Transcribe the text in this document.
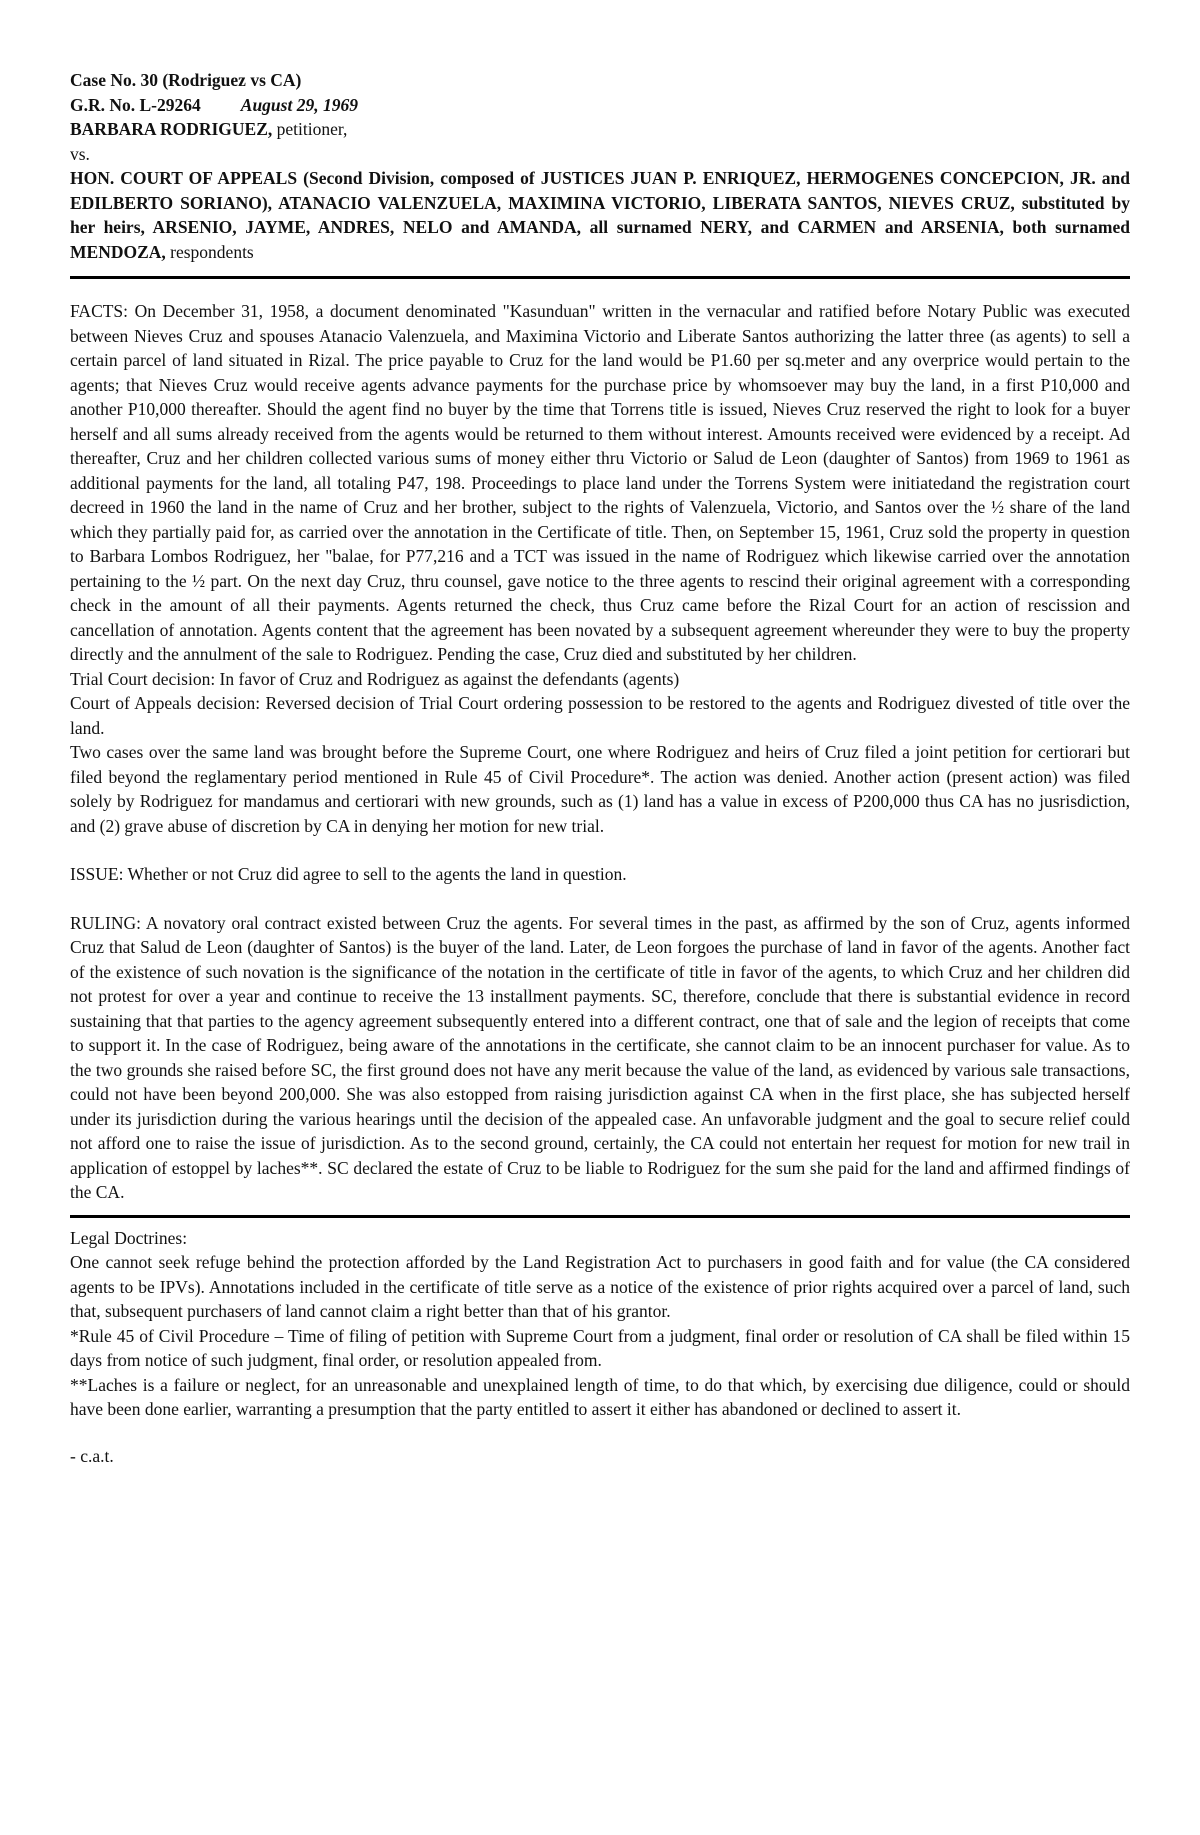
Case No. 30 (Rodriguez vs CA)
G.R. No. L-29264 August 29, 1969
BARBARA RODRIGUEZ, petitioner,
vs.
HON. COURT OF APPEALS (Second Division, composed of JUSTICES JUAN P. ENRIQUEZ, HERMOGENES CONCEPCION, JR. and EDILBERTO SORIANO), ATANACIO VALENZUELA, MAXIMINA VICTORIO, LIBERATA SANTOS, NIEVES CRUZ, substituted by her heirs, ARSENIO, JAYME, ANDRES, NELO and AMANDA, all surnamed NERY, and CARMEN and ARSENIA, both surnamed MENDOZA, respondents

FACTS: On December 31, 1958, a document denominated "Kasunduan" written in the vernacular and ratified before Notary Public was executed between Nieves Cruz and spouses Atanacio Valenzuela, and Maximina Victorio and Liberate Santos authorizing the latter three (as agents) to sell a certain parcel of land situated in Rizal. The price payable to Cruz for the land would be P1.60 per sq.meter and any overprice would pertain to the agents; that Nieves Cruz would receive agents advance payments for the purchase price by whomsoever may buy the land, in a first P10,000 and another P10,000 thereafter. Should the agent find no buyer by the time that Torrens title is issued, Nieves Cruz reserved the right to look for a buyer herself and all sums already received from the agents would be returned to them without interest. Amounts received were evidenced by a receipt. Ad thereafter, Cruz and her children collected various sums of money either thru Victorio or Salud de Leon (daughter of Santos) from 1969 to 1961 as additional payments for the land, all totaling P47, 198. Proceedings to place land under the Torrens System were initiatedand the registration court decreed in 1960 the land in the name of Cruz and her brother, subject to the rights of Valenzuela, Victorio, and Santos over the ½ share of the land which they partially paid for, as carried over the annotation in the Certificate of title. Then, on September 15, 1961, Cruz sold the property in question to Barbara Lombos Rodriguez, her "balae, for P77,216 and a TCT was issued in the name of Rodriguez which likewise carried over the annotation pertaining to the ½ part. On the next day Cruz, thru counsel, gave notice to the three agents to rescind their original agreement with a corresponding check in the amount of all their payments. Agents returned the check, thus Cruz came before the Rizal Court for an action of rescission and cancellation of annotation. Agents content that the agreement has been novated by a subsequent agreement whereunder they were to buy the property directly and the annulment of the sale to Rodriguez. Pending the case, Cruz died and substituted by her children.

Trial Court decision: In favor of Cruz and Rodriguez as against the defendants (agents)

Court of Appeals decision: Reversed decision of Trial Court ordering possession to be restored to the agents and Rodriguez divested of title over the land.

Two cases over the same land was brought before the Supreme Court, one where Rodriguez and heirs of Cruz filed a joint petition for certiorari but filed beyond the reglamentary period mentioned in Rule 45 of Civil Procedure*. The action was denied. Another action (present action) was filed solely by Rodriguez for mandamus and certiorari with new grounds, such as (1) land has a value in excess of P200,000 thus CA has no jusrisdiction, and (2) grave abuse of discretion by CA in denying her motion for new trial.

ISSUE: Whether or not Cruz did agree to sell to the agents the land in question.

RULING: A novatory oral contract existed between Cruz the agents. For several times in the past, as affirmed by the son of Cruz, agents informed Cruz that Salud de Leon (daughter of Santos) is the buyer of the land. Later, de Leon forgoes the purchase of land in favor of the agents. Another fact of the existence of such novation is the significance of the notation in the certificate of title in favor of the agents, to which Cruz and her children did not protest for over a year and continue to receive the 13 installment payments. SC, therefore, conclude that there is substantial evidence in record sustaining that that parties to the agency agreement subsequently entered into a different contract, one that of sale and the legion of receipts that come to support it. In the case of Rodriguez, being aware of the annotations in the certificate, she cannot claim to be an innocent purchaser for value. As to the two grounds she raised before SC, the first ground does not have any merit because the value of the land, as evidenced by various sale transactions, could not have been beyond 200,000. She was also estopped from raising jurisdiction against CA when in the first place, she has subjected herself under its jurisdiction during the various hearings until the decision of the appealed case. An unfavorable judgment and the goal to secure relief could not afford one to raise the issue of jurisdiction. As to the second ground, certainly, the CA could not entertain her request for motion for new trail in application of estoppel by laches**. SC declared the estate of Cruz to be liable to Rodriguez for the sum she paid for the land and affirmed findings of the CA.

Legal Doctrines:

One cannot seek refuge behind the protection afforded by the Land Registration Act to purchasers in good faith and for value (the CA considered agents to be IPVs). Annotations included in the certificate of title serve as a notice of the existence of prior rights acquired over a parcel of land, such that, subsequent purchasers of land cannot claim a right better than that of his grantor.

*Rule 45 of Civil Procedure – Time of filing of petition with Supreme Court from a judgment, final order or resolution of CA shall be filed within 15 days from notice of such judgment, final order, or resolution appealed from.

**Laches is a failure or neglect, for an unreasonable and unexplained length of time, to do that which, by exercising due diligence, could or should have been done earlier, warranting a presumption that the party entitled to assert it either has abandoned or declined to assert it.

- c.a.t.
